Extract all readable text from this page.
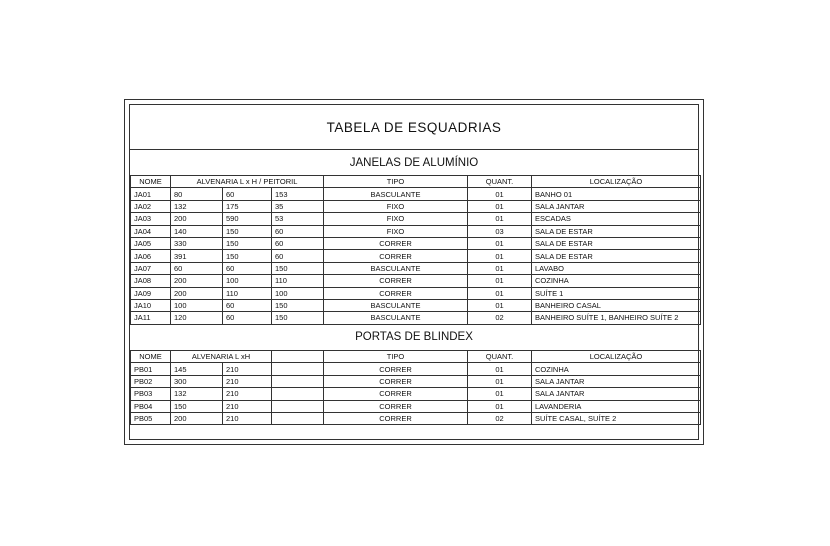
TABELA DE ESQUADRIAS
JANELAS DE ALUMÍNIO
NOME	ALVENARIA L x H / PEITORIL			TIPO	QUANT.	LOCALIZAÇÃO
JA01	80	60	153	BASCULANTE	01	BANHO 01
JA02	132	175	35	FIXO	01	SALA JANTAR
JA03	200	590	53	FIXO	01	ESCADAS
JA04	140	150	60	FIXO	03	SALA DE ESTAR
JA05	330	150	60	CORRER	01	SALA DE ESTAR
JA06	391	150	60	CORRER	01	SALA DE ESTAR
JA07	60	60	150	BASCULANTE	01	LAVABO
JA08	200	100	110	CORRER	01	COZINHA
JA09	200	110	100	CORRER	01	SUÍTE 1
JA10	100	60	150	BASCULANTE	01	BANHEIRO CASAL
JA11	120	60	150	BASCULANTE	02	BANHEIRO SUÍTE 1, BANHEIRO SUÍTE 2
PORTAS DE BLINDEX
NOME	ALVENARIA L xH			TIPO	QUANT.	LOCALIZAÇÃO
PB01	145	210		CORRER	01	COZINHA
PB02	300	210		CORRER	01	SALA JANTAR
PB03	132	210		CORRER	01	SALA JANTAR
PB04	150	210		CORRER	01	LAVANDERIA
PB05	200	210		CORRER	02	SUÍTE CASAL, SUÍTE 2
